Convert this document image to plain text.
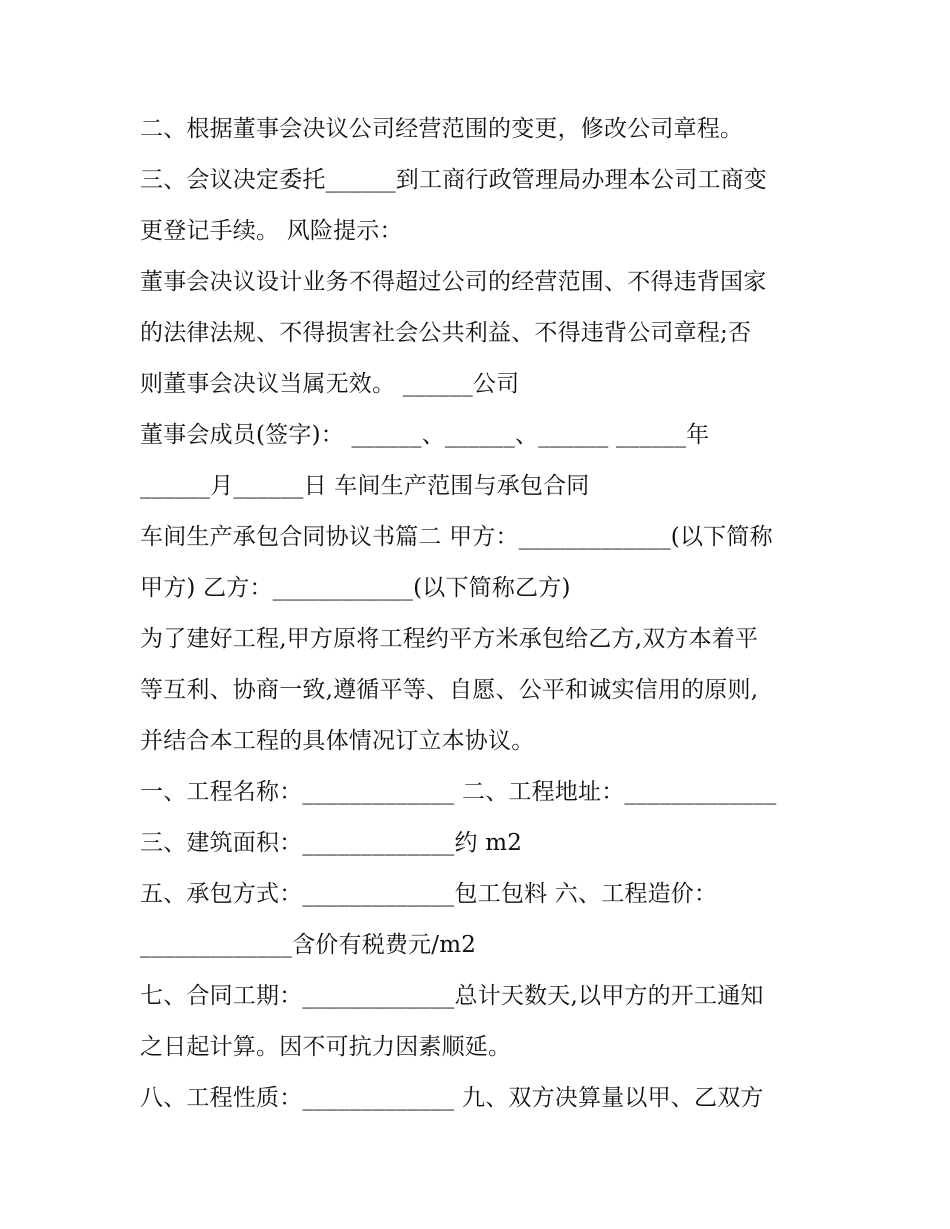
二、根据董事会决议公司经营范围的变更，修改公司章程。
三、会议决定委托______到工商行政管理局办理本公司工商变
更登记手续。 风险提示：
董事会决议设计业务不得超过公司的经营范围、不得违背国家
的法律法规、不得损害社会公共利益、不得违背公司章程;否
则董事会决议当属无效。 ______公司
董事会成员(签字)： ______、______、______ ______年
______月______日 车间生产范围与承包合同
车间生产承包合同协议书篇二 甲方：_____________(以下简称
甲方) 乙方：____________(以下简称乙方)
为了建好工程,甲方原将工程约平方米承包给乙方,双方本着平
等互利、协商一致,遵循平等、自愿、公平和诚实信用的原则,
并结合本工程的具体情况订立本协议。
一、工程名称：_____________ 二、工程地址：_____________
三、建筑面积：_____________约 m2
五、承包方式：_____________包工包料 六、工程造价：
_____________含价有税费元/m2
七、合同工期：_____________总计天数天,以甲方的开工通知
之日起计算。因不可抗力因素顺延。
八、工程性质：_____________ 九、双方决算量以甲、乙双方
